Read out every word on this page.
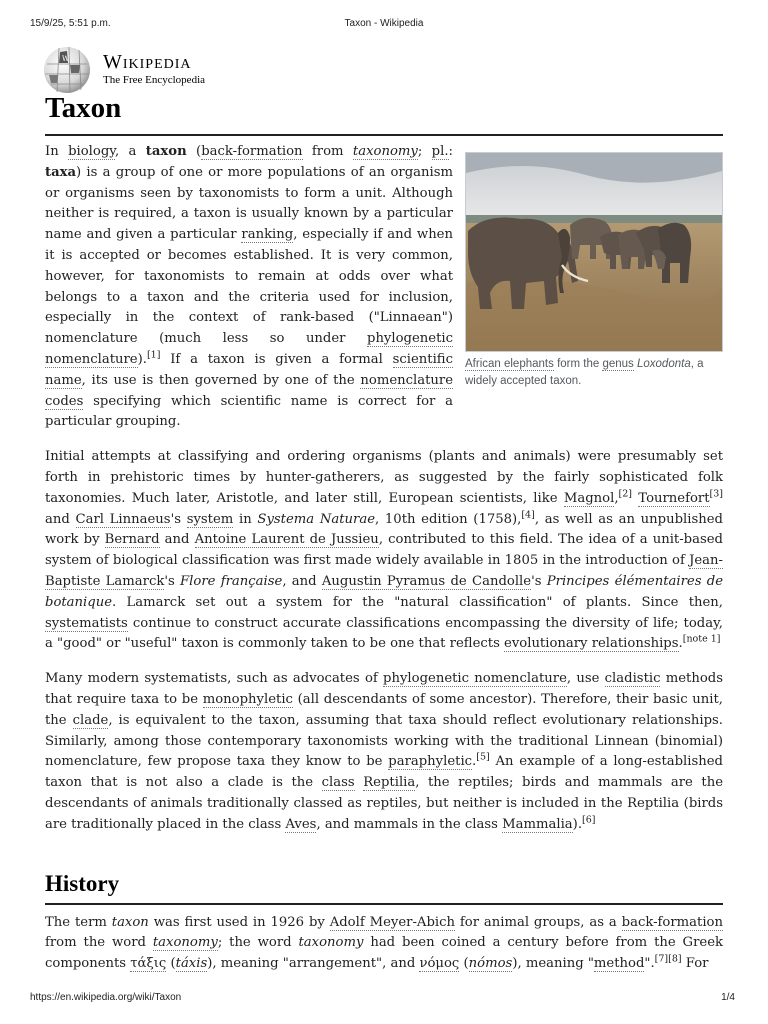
15/9/25, 5:51 p.m.	Taxon - Wikipedia
W Wikipedia
The Free Encyclopedia
Taxon
African elephants form the genus Loxodonta, a widely accepted taxon.

In biology, a taxon (back-formation from taxonomy; pl.: taxa) is a group of one or more populations of an organism or organisms seen by taxonomists to form a unit. Although neither is required, a taxon is usually known by a particular name and given a particular ranking, especially if and when it is accepted or becomes established. It is very common, however, for taxonomists to remain at odds over what belongs to a taxon and the criteria used for inclusion, especially in the context of rank-based ("Linnaean") nomenclature (much less so under phylogenetic nomenclature).[1] If a taxon is given a formal scientific name, its use is then governed by one of the nomenclature codes specifying which scientific name is correct for a particular grouping.

Initial attempts at classifying and ordering organisms (plants and animals) were presumably set forth in prehistoric times by hunter-gatherers, as suggested by the fairly sophisticated folk taxonomies. Much later, Aristotle, and later still, European scientists, like Magnol,[2] Tournefort[3] and Carl Linnaeus's system in Systema Naturae, 10th edition (1758),[4], as well as an unpublished work by Bernard and Antoine Laurent de Jussieu, contributed to this field. The idea of a unit-based system of biological classification was first made widely available in 1805 in the introduction of Jean-Baptiste Lamarck's Flore française, and Augustin Pyramus de Candolle's Principes élémentaires de botanique. Lamarck set out a system for the "natural classification" of plants. Since then, systematists continue to construct accurate classifications encompassing the diversity of life; today, a "good" or "useful" taxon is commonly taken to be one that reflects evolutionary relationships.[note 1]

Many modern systematists, such as advocates of phylogenetic nomenclature, use cladistic methods that require taxa to be monophyletic (all descendants of some ancestor). Therefore, their basic unit, the clade, is equivalent to the taxon, assuming that taxa should reflect evolutionary relationships. Similarly, among those contemporary taxonomists working with the traditional Linnean (binomial) nomenclature, few propose taxa they know to be paraphyletic.[5] An example of a long-established taxon that is not also a clade is the class Reptilia, the reptiles; birds and mammals are the descendants of animals traditionally classed as reptiles, but neither is included in the Reptilia (birds are traditionally placed in the class Aves, and mammals in the class Mammalia).[6]

History

The term taxon was first used in 1926 by Adolf Meyer-Abich for animal groups, as a back-formation from the word taxonomy; the word taxonomy had been coined a century before from the Greek components τάξις (táxis), meaning "arrangement", and νόμος (nómos), meaning "method".[7][8] For

https://en.wikipedia.org/wiki/Taxon	1/4
